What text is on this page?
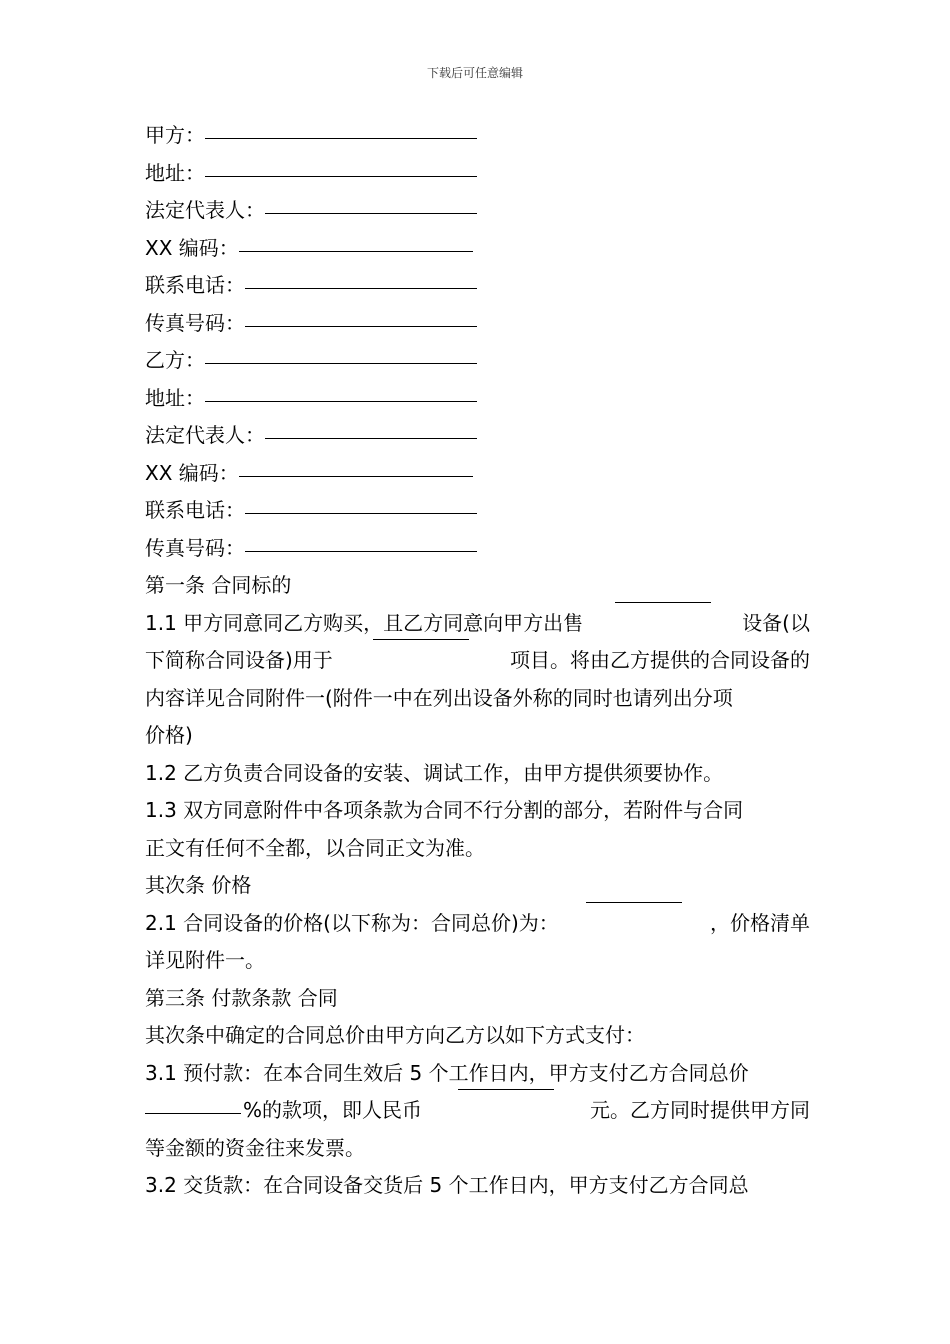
下载后可任意编辑
甲方：
地址：
法定代表人：
XX 编码：
联系电话：
传真号码：
乙方：
地址：
法定代表人：
XX 编码：
联系电话：
传真号码：
第一条 合同标的
1.1 甲方同意同乙方购买，且乙方同意向甲方出售	设备(以
下简称合同设备)用于	项目。将由乙方提供的合同设备的
内容详见合同附件一(附件一中在列出设备外称的同时也请列出分项
价格)
1.2 乙方负责合同设备的安装、调试工作，由甲方提供须要协作。
1.3 双方同意附件中各项条款为合同不行分割的部分，若附件与合同
正文有任何不全都，以合同正文为准。
其次条 价格
2.1 合同设备的价格(以下称为：合同总价)为：	，价格清单
详见附件一。
第三条 付款条款 合同
其次条中确定的合同总价由甲方向乙方以如下方式支付：
3.1 预付款：在本合同生效后 5 个工作日内，甲方支付乙方合同总价
%的款项，即人民币	元。乙方同时提供甲方同
等金额的资金往来发票。
3.2 交货款：在合同设备交货后 5 个工作日内，甲方支付乙方合同总
